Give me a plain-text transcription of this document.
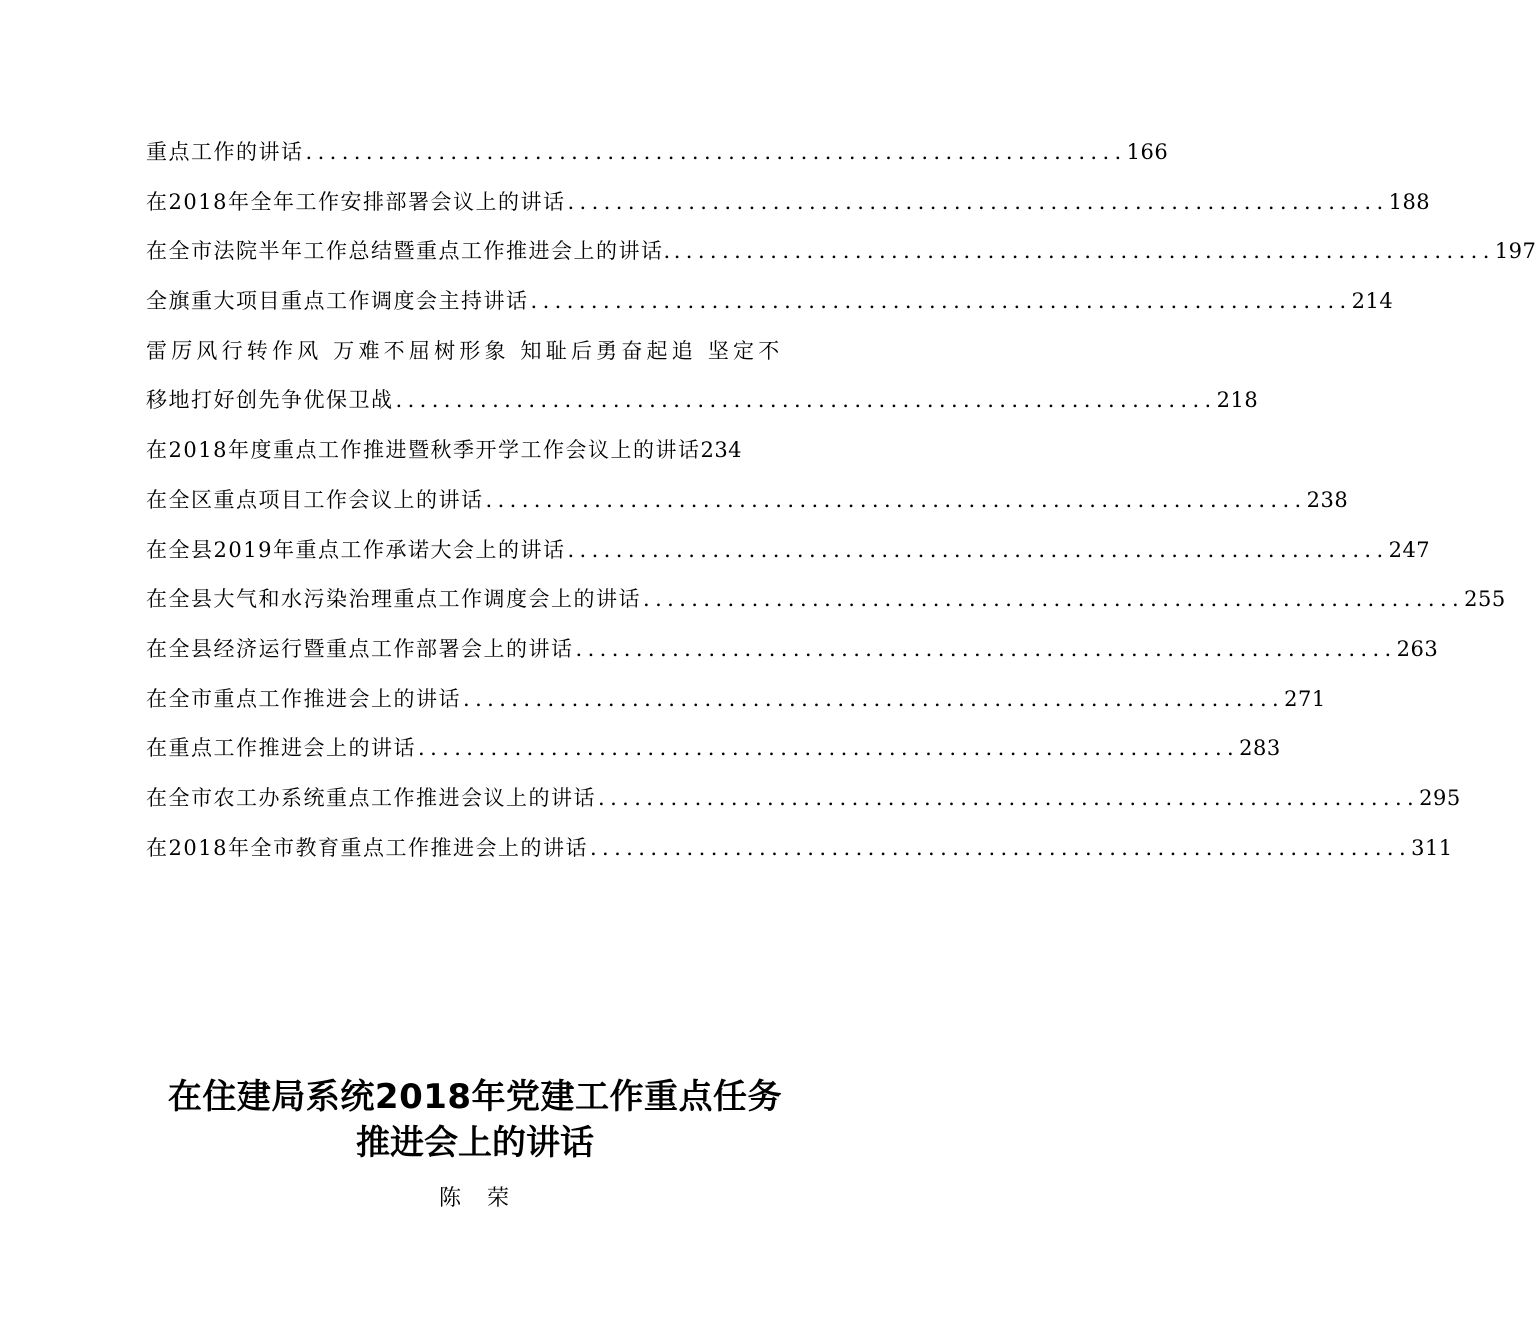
重点工作的讲话 .................................................................... 166
在2018年全年工作安排部署会议上的讲话 .................................................................... 188
在全市法院半年工作总结暨重点工作推进会上的讲话. .................................................................... 197
全旗重大项目重点工作调度会主持讲话 .................................................................... 214
雷厉风行转作风 万难不屈树形象 知耻后勇奋起追 坚定不
移地打好创先争优保卫战 .................................................................... 218
在2018年度重点工作推进暨秋季开学工作会议上的讲话 234
在全区重点项目工作会议上的讲话 .................................................................... 238
在全县2019年重点工作承诺大会上的讲话 .................................................................... 247
在全县大气和水污染治理重点工作调度会上的讲话 .................................................................... 255
在全县经济运行暨重点工作部署会上的讲话 .................................................................... 263
在全市重点工作推进会上的讲话 .................................................................... 271
在重点工作推进会上的讲话 .................................................................... 283
在全市农工办系统重点工作推进会议上的讲话 .................................................................... 295
在2018年全市教育重点工作推进会上的讲话 .................................................................... 311
在住建局系统2018年党建工作重点任务
推进会上的讲话
陈荣
